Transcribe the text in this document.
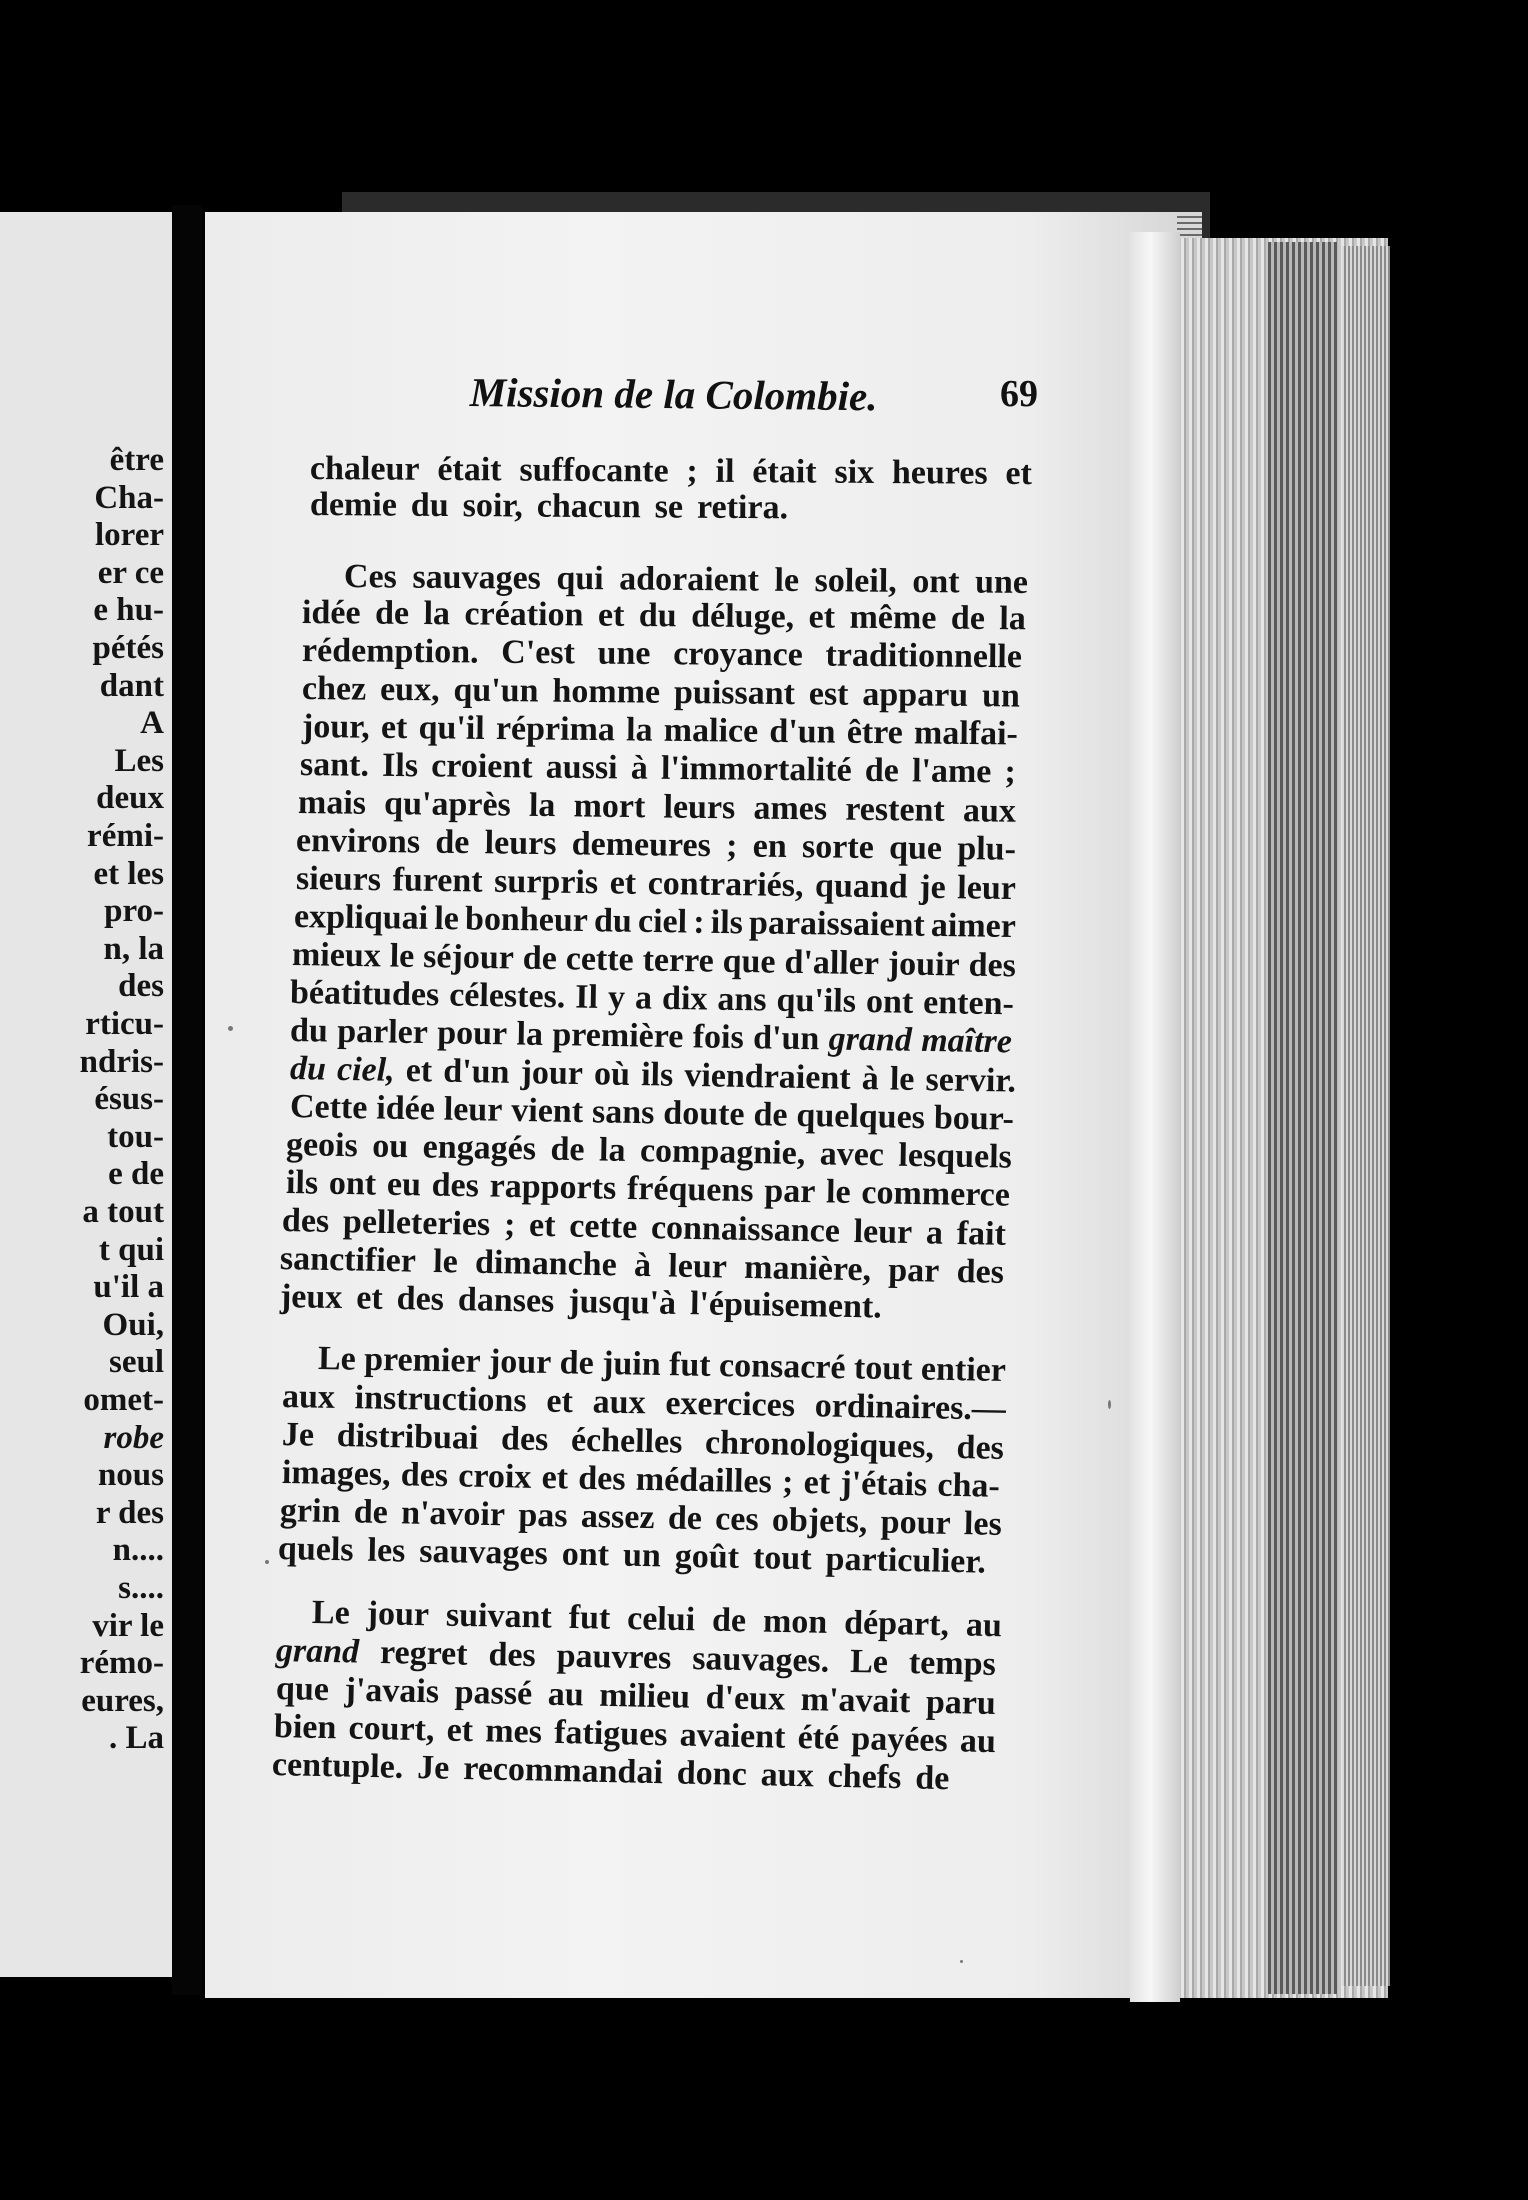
être
Cha-
lorer
er ce
e hu-
pétés
dant
A
Les
deux
rémi-
et les
pro-
n, la
des
rticu-
ndris-
ésus-
tou-
e de
a tout
t qui
u'il a
Oui,
seul
omet-
robe
nous
r des
n....
s....
vir le
rémo-
eures,
. La
Mission de la Colombie.	69
chaleur était suffocante ; il était six heures et
demie du soir, chacun se retira.
Ces sauvages qui adoraient le soleil, ont une
idée de la création et du déluge, et même de la
rédemption. C'est une croyance traditionnelle
chez eux, qu'un homme puissant est apparu un
jour, et qu'il réprima la malice d'un être malfai-
sant. Ils croient aussi à l'immortalité de l'ame ;
mais qu'après la mort leurs ames restent aux
environs de leurs demeures ; en sorte que plu-
sieurs furent surpris et contrariés, quand je leur
expliquai le bonheur du ciel : ils paraissaient aimer
mieux le séjour de cette terre que d'aller jouir des
béatitudes célestes. Il y a dix ans qu'ils ont enten-
du parler pour la première fois d'un grand maître
du ciel, et d'un jour où ils viendraient à le servir.
Cette idée leur vient sans doute de quelques bour-
geois ou engagés de la compagnie, avec lesquels
ils ont eu des rapports fréquens par le commerce
des pelleteries ; et cette connaissance leur a fait
sanctifier le dimanche à leur manière, par des
jeux et des danses jusqu'à l'épuisement.
Le premier jour de juin fut consacré tout entier
aux instructions et aux exercices ordinaires.—
Je distribuai des échelles chronologiques, des
images, des croix et des médailles ; et j'étais cha-
grin de n'avoir pas assez de ces objets, pour les
quels les sauvages ont un goût tout particulier.
Le jour suivant fut celui de mon départ, au
grand regret des pauvres sauvages. Le temps
que j'avais passé au milieu d'eux m'avait paru
bien court, et mes fatigues avaient été payées au
centuple. Je recommandai donc aux chefs de
